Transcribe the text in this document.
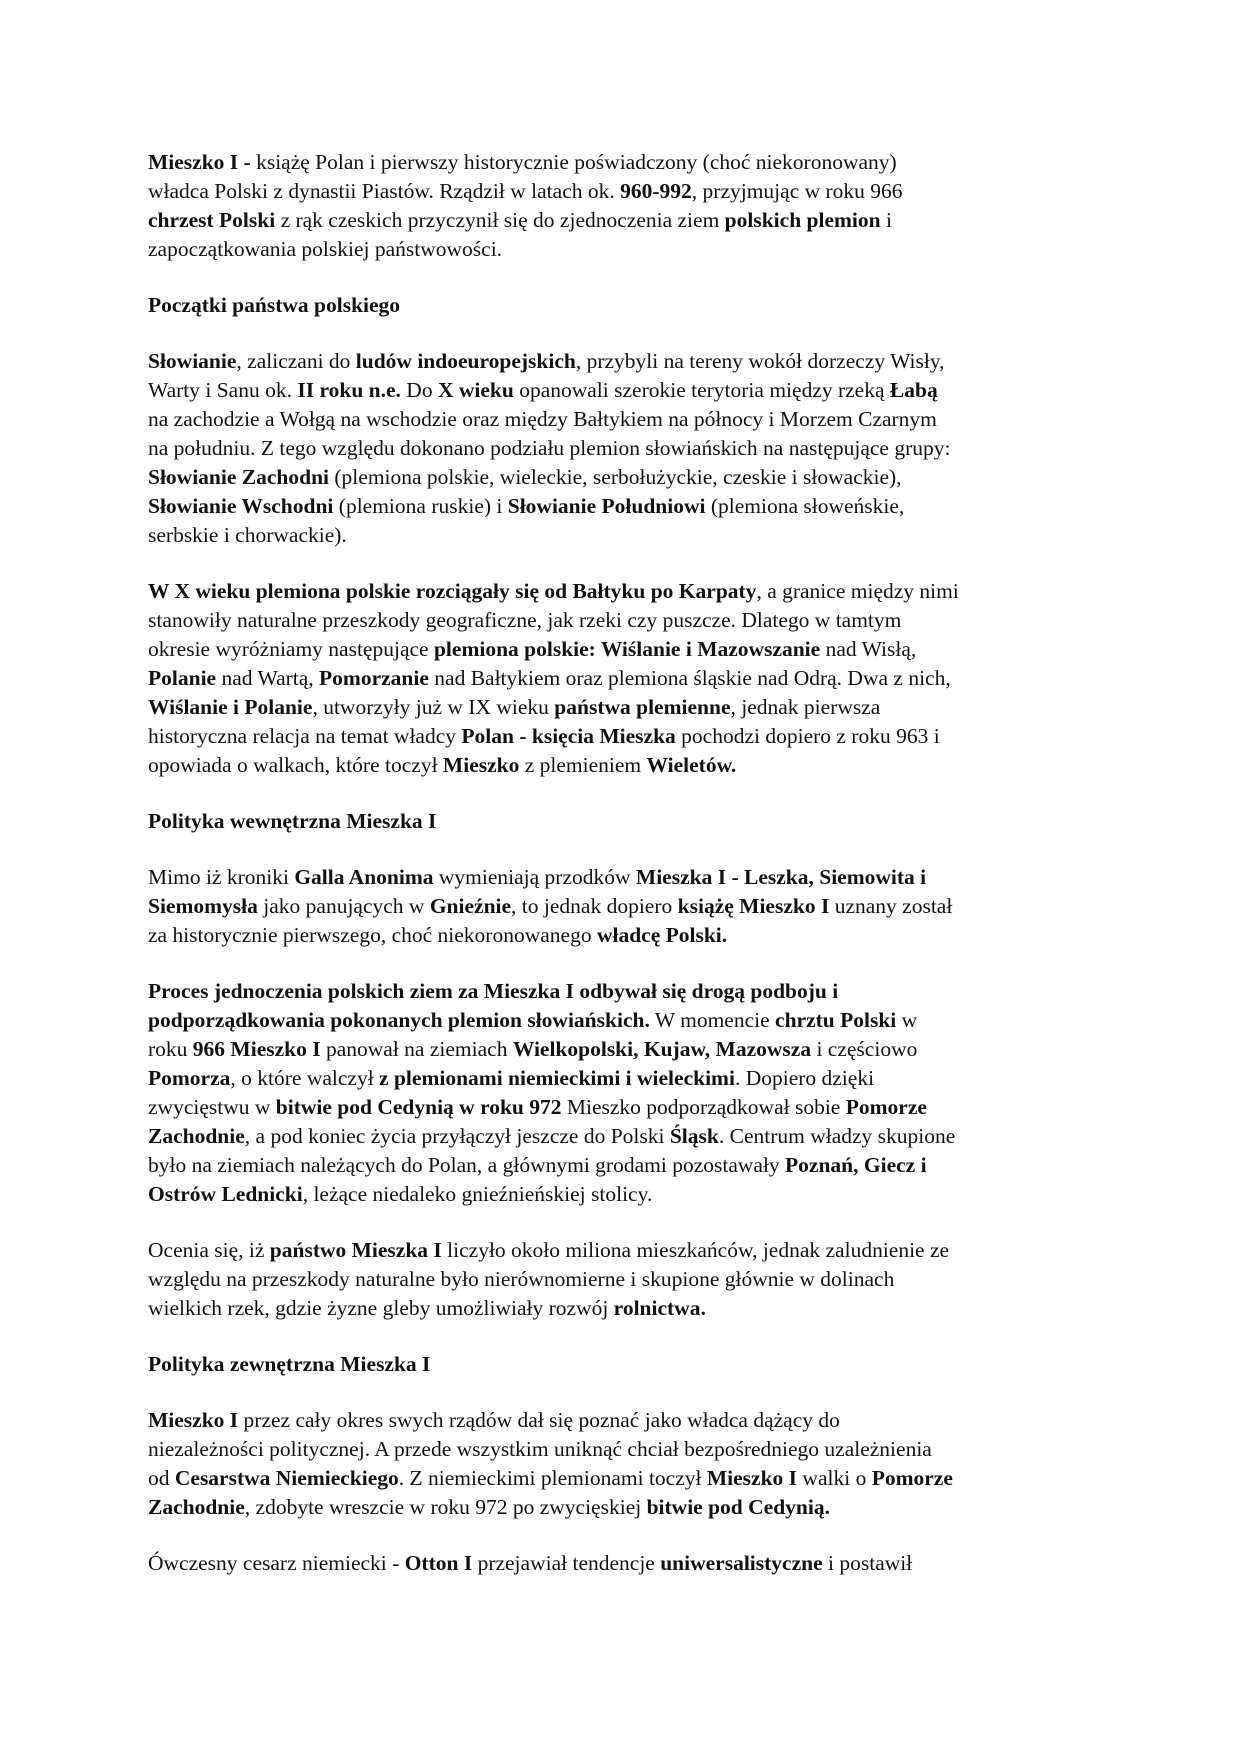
Mieszko I - książę Polan i pierwszy historycznie poświadczony (choć niekoronowany)
władca Polski z dynastii Piastów. Rządził w latach ok. 960-992, przyjmując w roku 966
chrzest Polski z rąk czeskich przyczynił się do zjednoczenia ziem polskich plemion i
zapoczątkowania polskiej państwowości.
Początki państwa polskiego
Słowianie, zaliczani do ludów indoeuropejskich, przybyli na tereny wokół dorzeczy Wisły,
Warty i Sanu ok. II roku n.e. Do X wieku opanowali szerokie terytoria między rzeką Łabą
na zachodzie a Wołgą na wschodzie oraz między Bałtykiem na północy i Morzem Czarnym
na południu. Z tego względu dokonano podziału plemion słowiańskich na następujące grupy:
Słowianie Zachodni (plemiona polskie, wieleckie, serbołużyckie, czeskie i słowackie),
Słowianie Wschodni (plemiona ruskie) i Słowianie Południowi (plemiona słoweńskie,
serbskie i chorwackie).
W X wieku plemiona polskie rozciągały się od Bałtyku po Karpaty, a granice między nimi
stanowiły naturalne przeszkody geograficzne, jak rzeki czy puszcze. Dlatego w tamtym
okresie wyróżniamy następujące plemiona polskie: Wiślanie i Mazowszanie nad Wisłą,
Polanie nad Wartą, Pomorzanie nad Bałtykiem oraz plemiona śląskie nad Odrą. Dwa z nich,
Wiślanie i Polanie, utworzyły już w IX wieku państwa plemienne, jednak pierwsza
historyczna relacja na temat władcy Polan - księcia Mieszka pochodzi dopiero z roku 963 i
opowiada o walkach, które toczył Mieszko z plemieniem Wieletów.
Polityka wewnętrzna Mieszka I
Mimo iż kroniki Galla Anonima wymieniają przodków Mieszka I - Leszka, Siemowita i
Siemomysła jako panujących w Gnieźnie, to jednak dopiero książę Mieszko I uznany został
za historycznie pierwszego, choć niekoronowanego władcę Polski.
Proces jednoczenia polskich ziem za Mieszka I odbywał się drogą podboju i
podporządkowania pokonanych plemion słowiańskich. W momencie chrztu Polski w
roku 966 Mieszko I panował na ziemiach Wielkopolski, Kujaw, Mazowsza i częściowo
Pomorza, o które walczył z plemionami niemieckimi i wieleckimi. Dopiero dzięki
zwycięstwu w bitwie pod Cedynią w roku 972 Mieszko podporządkował sobie Pomorze
Zachodnie, a pod koniec życia przyłączył jeszcze do Polski Śląsk. Centrum władzy skupione
było na ziemiach należących do Polan, a głównymi grodami pozostawały Poznań, Giecz i
Ostrów Lednicki, leżące niedaleko gnieźnieńskiej stolicy.
Ocenia się, iż państwo Mieszka I liczyło około miliona mieszkańców, jednak zaludnienie ze
względu na przeszkody naturalne było nierównomierne i skupione głównie w dolinach
wielkich rzek, gdzie żyzne gleby umożliwiały rozwój rolnictwa.
Polityka zewnętrzna Mieszka I
Mieszko I przez cały okres swych rządów dał się poznać jako władca dążący do
niezależności politycznej. A przede wszystkim uniknąć chciał bezpośredniego uzależnienia
od Cesarstwa Niemieckiego. Z niemieckimi plemionami toczył Mieszko I walki o Pomorze
Zachodnie, zdobyte wreszcie w roku 972 po zwycięskiej bitwie pod Cedynią.
Ówczesny cesarz niemiecki - Otton I przejawiał tendencje uniwersalistyczne i postawił
